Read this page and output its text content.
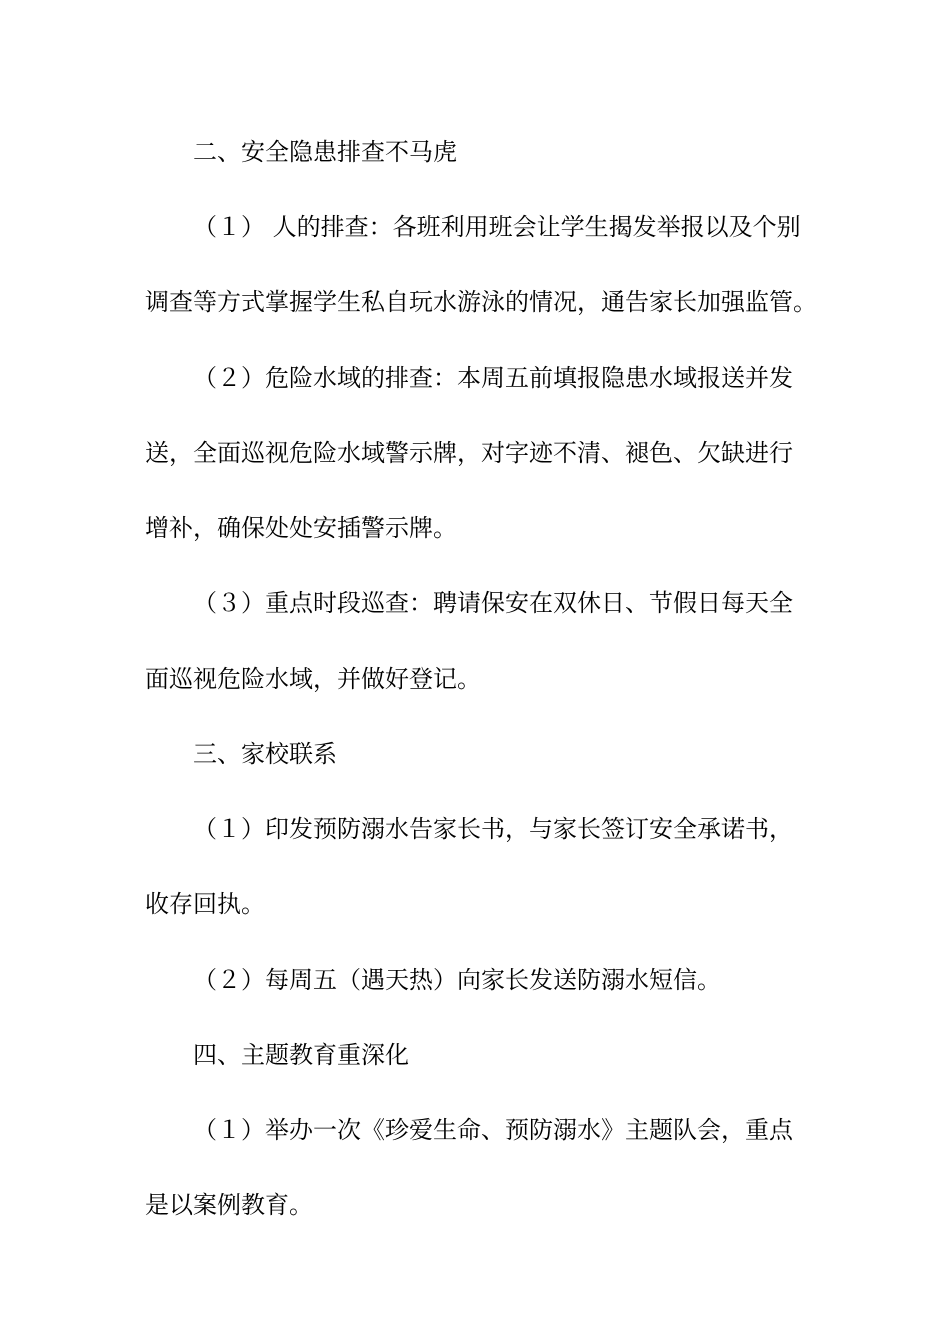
二、安全隐患排查不马虎
（１） 人的排查：各班利用班会让学生揭发举报以及个别
调查等方式掌握学生私自玩水游泳的情况，通告家长加强监管。
（２）危险水域的排查：本周五前填报隐患水域报送并发
送，全面巡视危险水域警示牌，对字迹不清、褪色、欠缺进行
增补，确保处处安插警示牌。
（３）重点时段巡查：聘请保安在双休日、节假日每天全
面巡视危险水域，并做好登记。
三、家校联系
（１）印发预防溺水告家长书，与家长签订安全承诺书，
收存回执。
（２）每周五（遇天热）向家长发送防溺水短信。
四、主题教育重深化
（１）举办一次《珍爱生命、预防溺水》主题队会，重点
是以案例教育。
